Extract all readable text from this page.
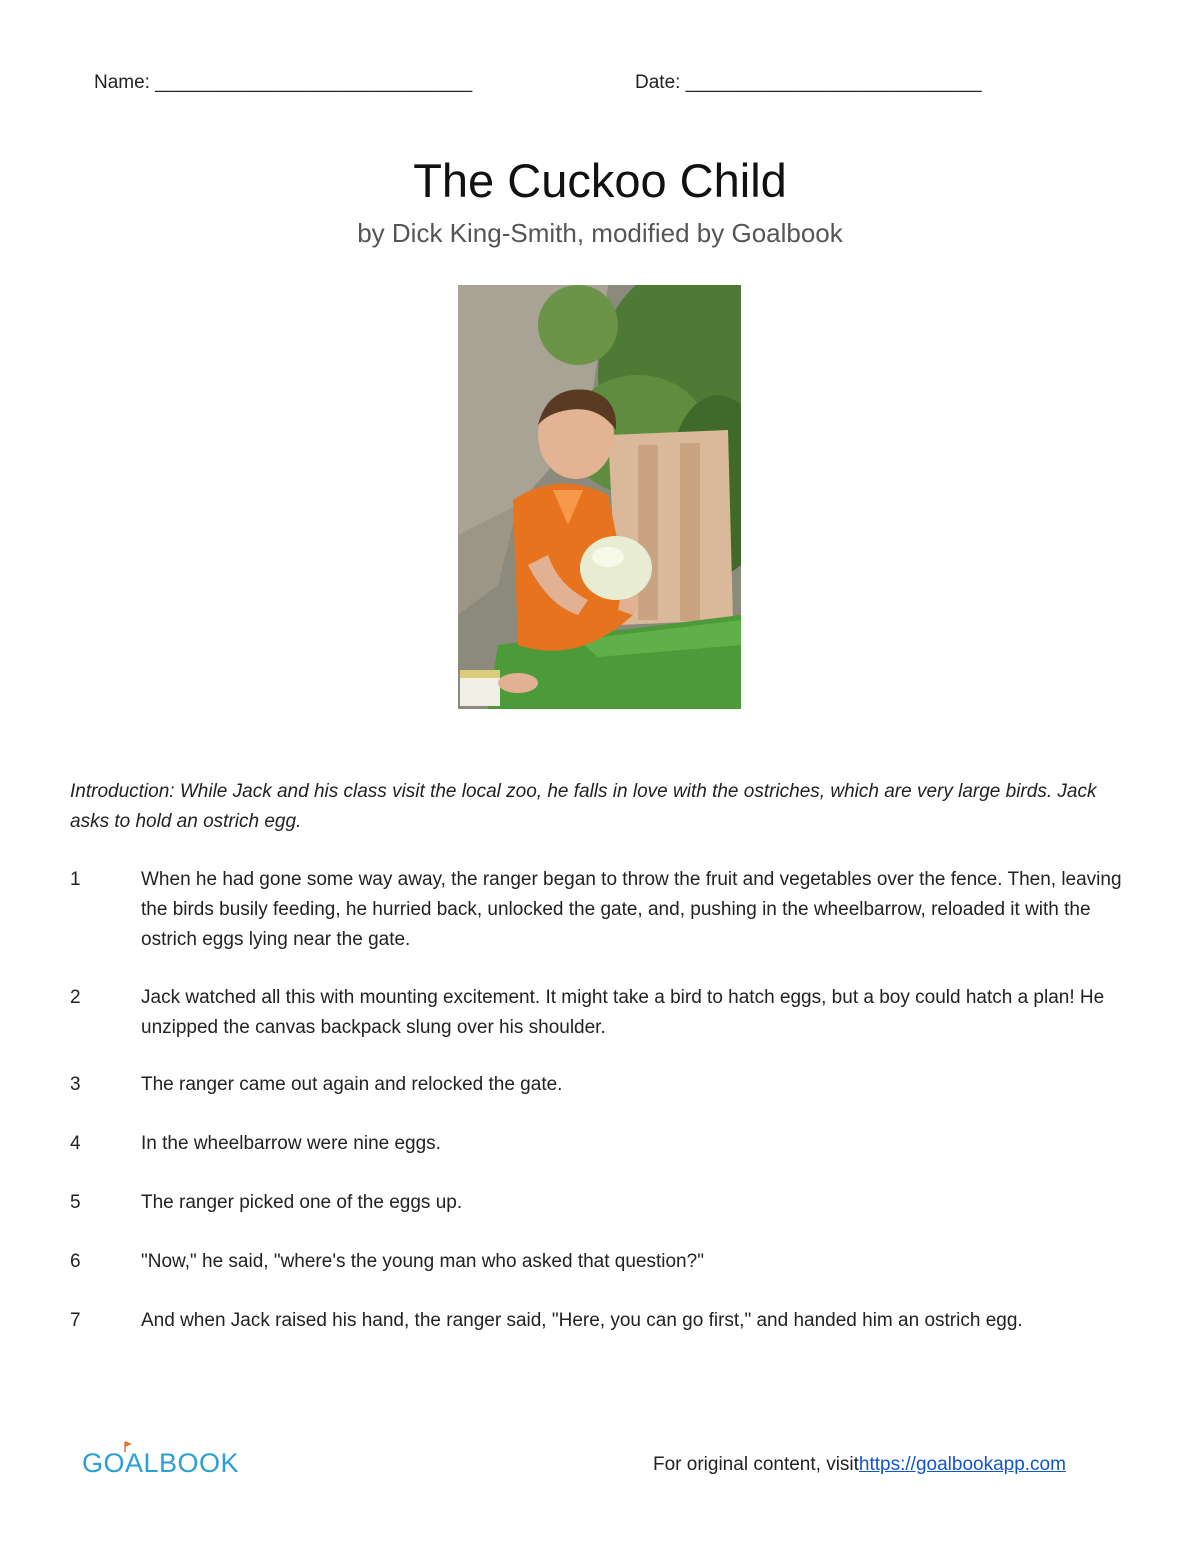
Name: ______________________________	Date: ____________________________
The Cuckoo Child
by Dick King-Smith, modified by Goalbook
Introduction: While Jack and his class visit the local zoo, he falls in love with the ostriches, which are very large birds. Jack asks to hold an ostrich egg.
1	When he had gone some way away, the ranger began to throw the fruit and vegetables over the fence. Then, leaving the birds busily feeding, he hurried back, unlocked the gate, and, pushing in the wheelbarrow, reloaded it with the ostrich eggs lying near the gate.
2	Jack watched all this with mounting excitement. It might take a bird to hatch eggs, but a boy could hatch a plan! He unzipped the canvas backpack slung over his shoulder.
3	The ranger came out again and relocked the gate.
4	In the wheelbarrow were nine eggs.
5	The ranger picked one of the eggs up.
6	"Now," he said, "where's the young man who asked that question?"
7	And when Jack raised his hand, the ranger said, "Here, you can go first," and handed him an ostrich egg.
GOALBOOK	For original content, visithttps://goalbookapp.com
